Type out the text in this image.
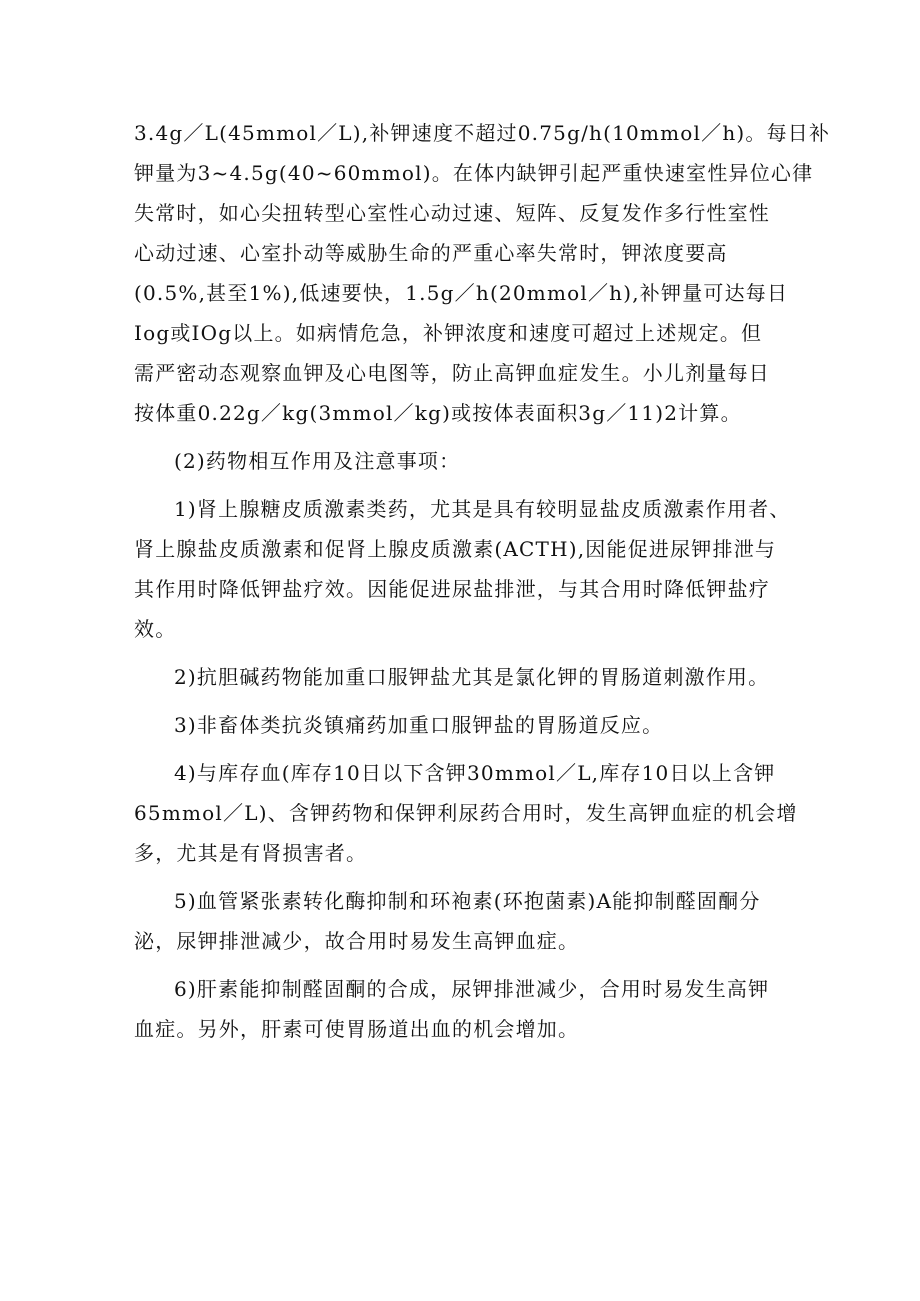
3.4g／L(45mmol／L),补钾速度不超过0.75g/h(10mmol／h)。每日补
钾量为3~4.5g(40~60mmol)。在体内缺钾引起严重快速室性异位心律
失常时，如心尖扭转型心室性心动过速、短阵、反复发作多行性室性
心动过速、心室扑动等威胁生命的严重心率失常时，钾浓度要高
(0.5%,甚至1%),低速要快，1.5g／h(20mmol／h),补钾量可达每日
Iog或IOg以上。如病情危急，补钾浓度和速度可超过上述规定。但
需严密动态观察血钾及心电图等，防止高钾血症发生。小儿剂量每日
按体重0.22g／kg(3mmol／kg)或按体表面积3g／11)2计算。

(2)药物相互作用及注意事项：

1)肾上腺糖皮质激素类药，尤其是具有较明显盐皮质激素作用者、
肾上腺盐皮质激素和促肾上腺皮质激素(ACTH),因能促进尿钾排泄与
其作用时降低钾盐疗效。因能促进尿盐排泄，与其合用时降低钾盐疗
效。

2)抗胆碱药物能加重口服钾盐尤其是氯化钾的胃肠道刺激作用。

3)非畜体类抗炎镇痛药加重口服钾盐的胃肠道反应。

4)与库存血(库存10日以下含钾30mmol／L,库存10日以上含钾
65mmol／L)、含钾药物和保钾利尿药合用时，发生高钾血症的机会增
多，尤其是有肾损害者。

5)血管紧张素转化酶抑制和环袍素(环抱菌素)A能抑制醛固酮分
泌，尿钾排泄减少，故合用时易发生高钾血症。

6)肝素能抑制醛固酮的合成，尿钾排泄减少，合用时易发生高钾
血症。另外，肝素可使胃肠道出血的机会增加。
